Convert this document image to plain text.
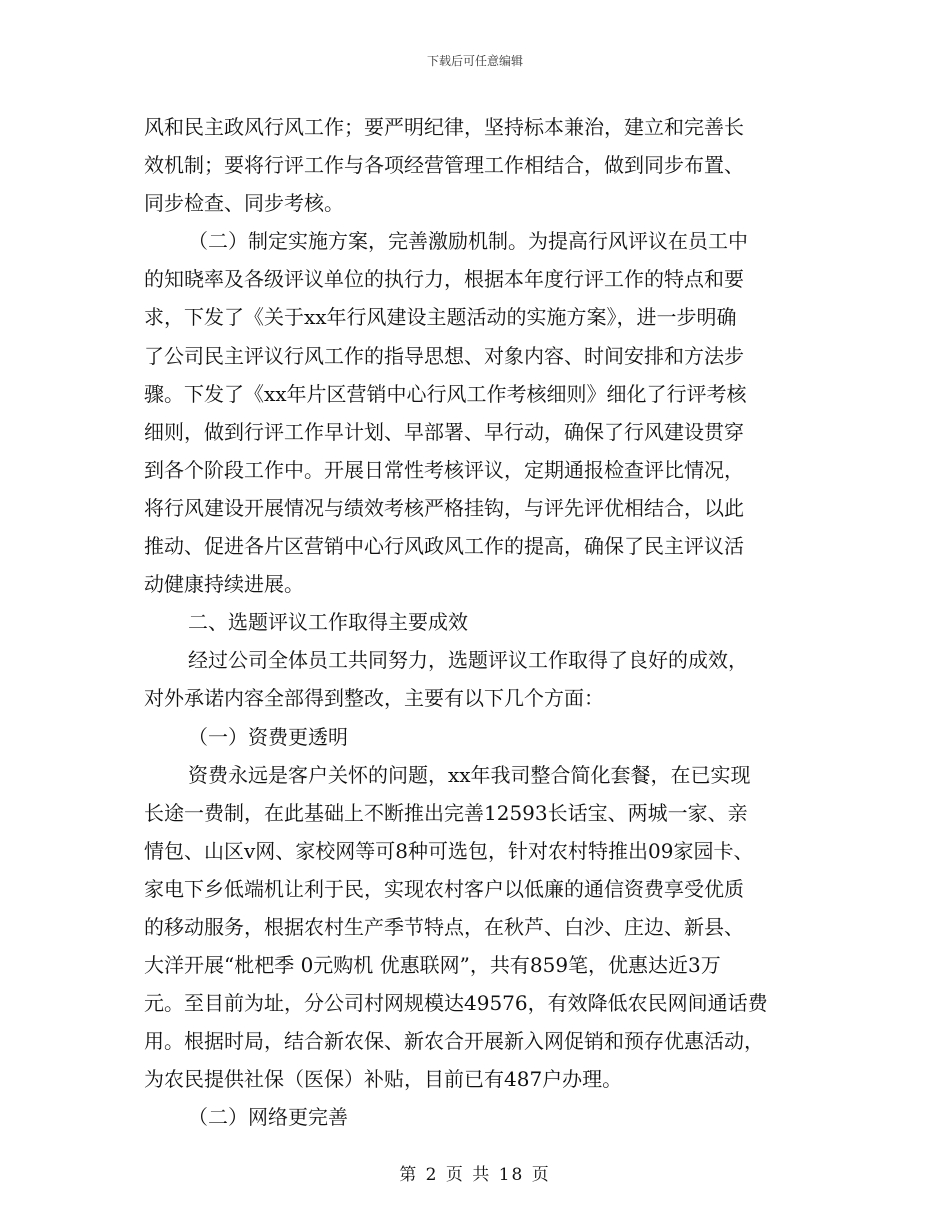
下载后可任意编辑
风和民主政风行风工作；要严明纪律，坚持标本兼治，建立和完善长
效机制；要将行评工作与各项经营管理工作相结合，做到同步布置、
同步检查、同步考核。
（二）制定实施方案，完善激励机制。为提高行风评议在员工中
的知晓率及各级评议单位的执行力，根据本年度行评工作的特点和要
求，下发了《关于xx年行风建设主题活动的实施方案》，进一步明确
了公司民主评议行风工作的指导思想、对象内容、时间安排和方法步
骤。下发了《xx年片区营销中心行风工作考核细则》细化了行评考核
细则，做到行评工作早计划、早部署、早行动，确保了行风建设贯穿
到各个阶段工作中。开展日常性考核评议，定期通报检查评比情况，
将行风建设开展情况与绩效考核严格挂钩，与评先评优相结合，以此
推动、促进各片区营销中心行风政风工作的提高，确保了民主评议活
动健康持续进展。
二、选题评议工作取得主要成效
经过公司全体员工共同努力，选题评议工作取得了良好的成效，
对外承诺内容全部得到整改，主要有以下几个方面：
（一）资费更透明
资费永远是客户关怀的问题，xx年我司整合简化套餐，在已实现
长途一费制，在此基础上不断推出完善12593长话宝、两城一家、亲
情包、山区v网、家校网等可8种可选包，针对农村特推出09家园卡、
家电下乡低端机让利于民，实现农村客户以低廉的通信资费享受优质
的移动服务，根据农村生产季节特点，在秋芦、白沙、庄边、新县、
大洋开展“枇杷季 0元购机 优惠联网”，共有859笔，优惠达近3万
元。至目前为址，分公司村网规模达49576，有效降低农民网间通话费
用。根据时局，结合新农保、新农合开展新入网促销和预存优惠活动，
为农民提供社保（医保）补贴，目前已有487户办理。
（二）网络更完善
第 2 页 共 18 页
